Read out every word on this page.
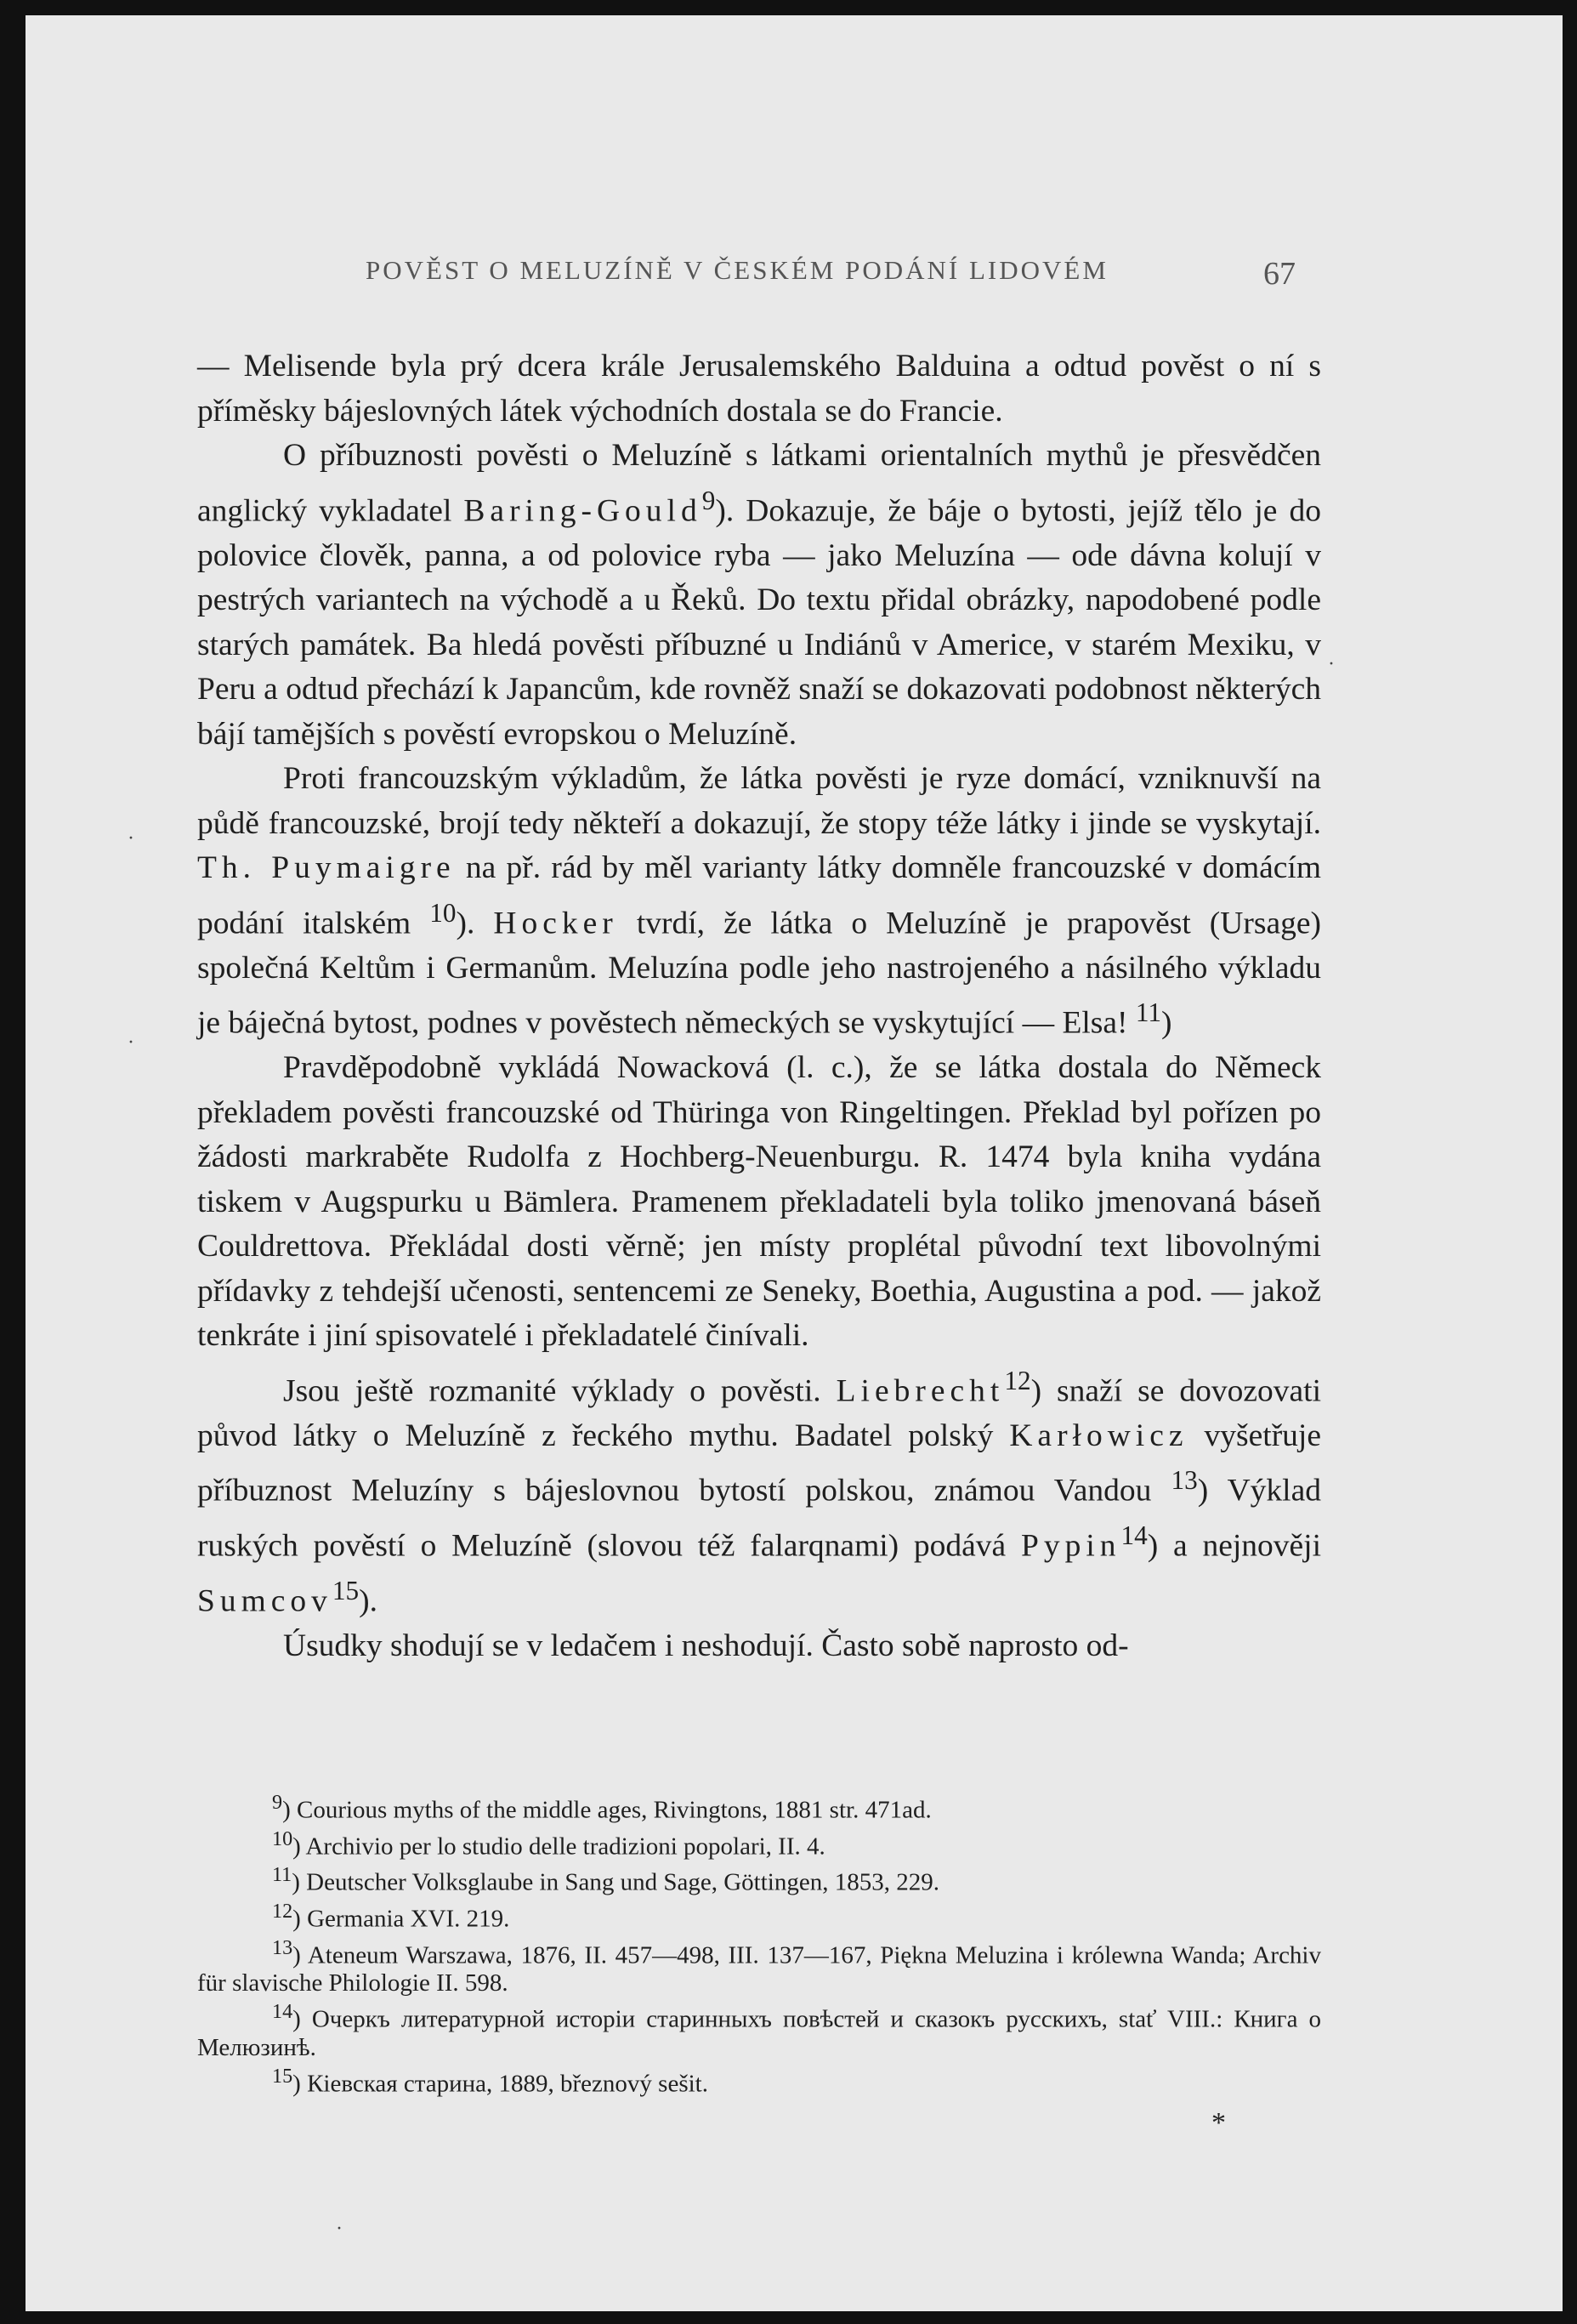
POVĚST O MELUZÍNĚ V ČESKÉM PODÁNÍ LIDOVÉM	67

— Melisende byla prý dcera krále Jerusalemského Balduina a odtud pověst o ní s příměsky bájeslovných látek východních dostala se do Francie.

O příbuznosti pověsti o Meluzíně s látkami orientalních mythů je přesvědčen anglický vykladatel Baring-Gould$^9$). Dokazuje, že báje o bytosti, jejíž tělo je do polovice člověk, panna, a od polovice ryba — jako Meluzína — ode dávna kolují v pestrých variantech na východě a u Řeků. Do textu přidal obrázky, napodobené podle starých památek. Ba hledá pověsti příbuzné u Indiánů v Americe, v starém Mexiku, v Peru a odtud přechází k Japancům, kde rovněž snaží se dokazovati podobnost některých bájí tamějších s pověstí evropskou o Meluzíně.

Proti francouzským výkladům, že látka pověsti je ryze domácí, vzniknuvší na půdě francouzské, brojí tedy někteří a dokazují, že stopy téže látky i jinde se vyskytají. Th. Puymaigre na př. rád by měl varianty látky domněle francouzské v domácím podání italském $^{10}$). Hocker tvrdí, že látka o Meluzíně je prapověst (Ursage) společná Keltům i Germanům. Meluzína podle jeho nastrojeného a násilného výkladu je báječná bytost, podnes v pověstech německých se vyskytující — Elsa! $^{11}$)

Pravděpodobně vykládá Nowacková (l. c.), že se látka dostala do Německ překladem pověsti francouzské od Thüringa von Ringeltingen. Překlad byl pořízen po žádosti markraběte Rudolfa z Hochberg-Neuenburgu. R. 1474 byla kniha vydána tiskem v Augspurku u Bämlera. Pramenem překladateli byla toliko jmenovaná báseň Couldrettova. Překládal dosti věrně; jen místy proplétal původní text libovolnými přídavky z tehdejší učenosti, sentencemi ze Seneky, Boethia, Augustina a pod. — jakož tenkráte i jiní spisovatelé i překladatelé činívali.

Jsou ještě rozmanité výklady o pověsti. Liebrecht$^{12}$) snaží se dovozovati původ látky o Meluzíně z řeckého mythu. Badatel polský Karłowicz vyšetřuje příbuznost Meluzíny s bájeslovnou bytostí polskou, známou Vandou $^{13}$) Výklad ruských pověstí o Meluzíně (slovou též falarqnami) podává Pypin$^{14}$) a nejnověji Sumcov$^{15}$).

Úsudky shodují se v ledačem i neshodují. Často sobě naprosto od-

$^9$) Courious myths of the middle ages, Rivingtons, 1881 str. 471ad.

$^{10}$) Archivio per lo studio delle tradizioni popolari, II. 4.

$^{11}$) Deutscher Volksglaube in Sang und Sage, Göttingen, 1853, 229.

$^{12}$) Germania XVI. 219.

$^{13}$) Ateneum Warszawa, 1876, II. 457—498, III. 137—167, Piękna Meluzina i królewna Wanda; Archiv für slavische Philologie II. 598.

$^{14}$) Очеркъ литературной исторіи старинныхъ повѣстей и сказокъ русскихъ, stať VIII.: Книга о Мелюзинѣ.

$^{15}$) Кіевская старина, 1889, březnový sešit.

*
·
·
·
·
